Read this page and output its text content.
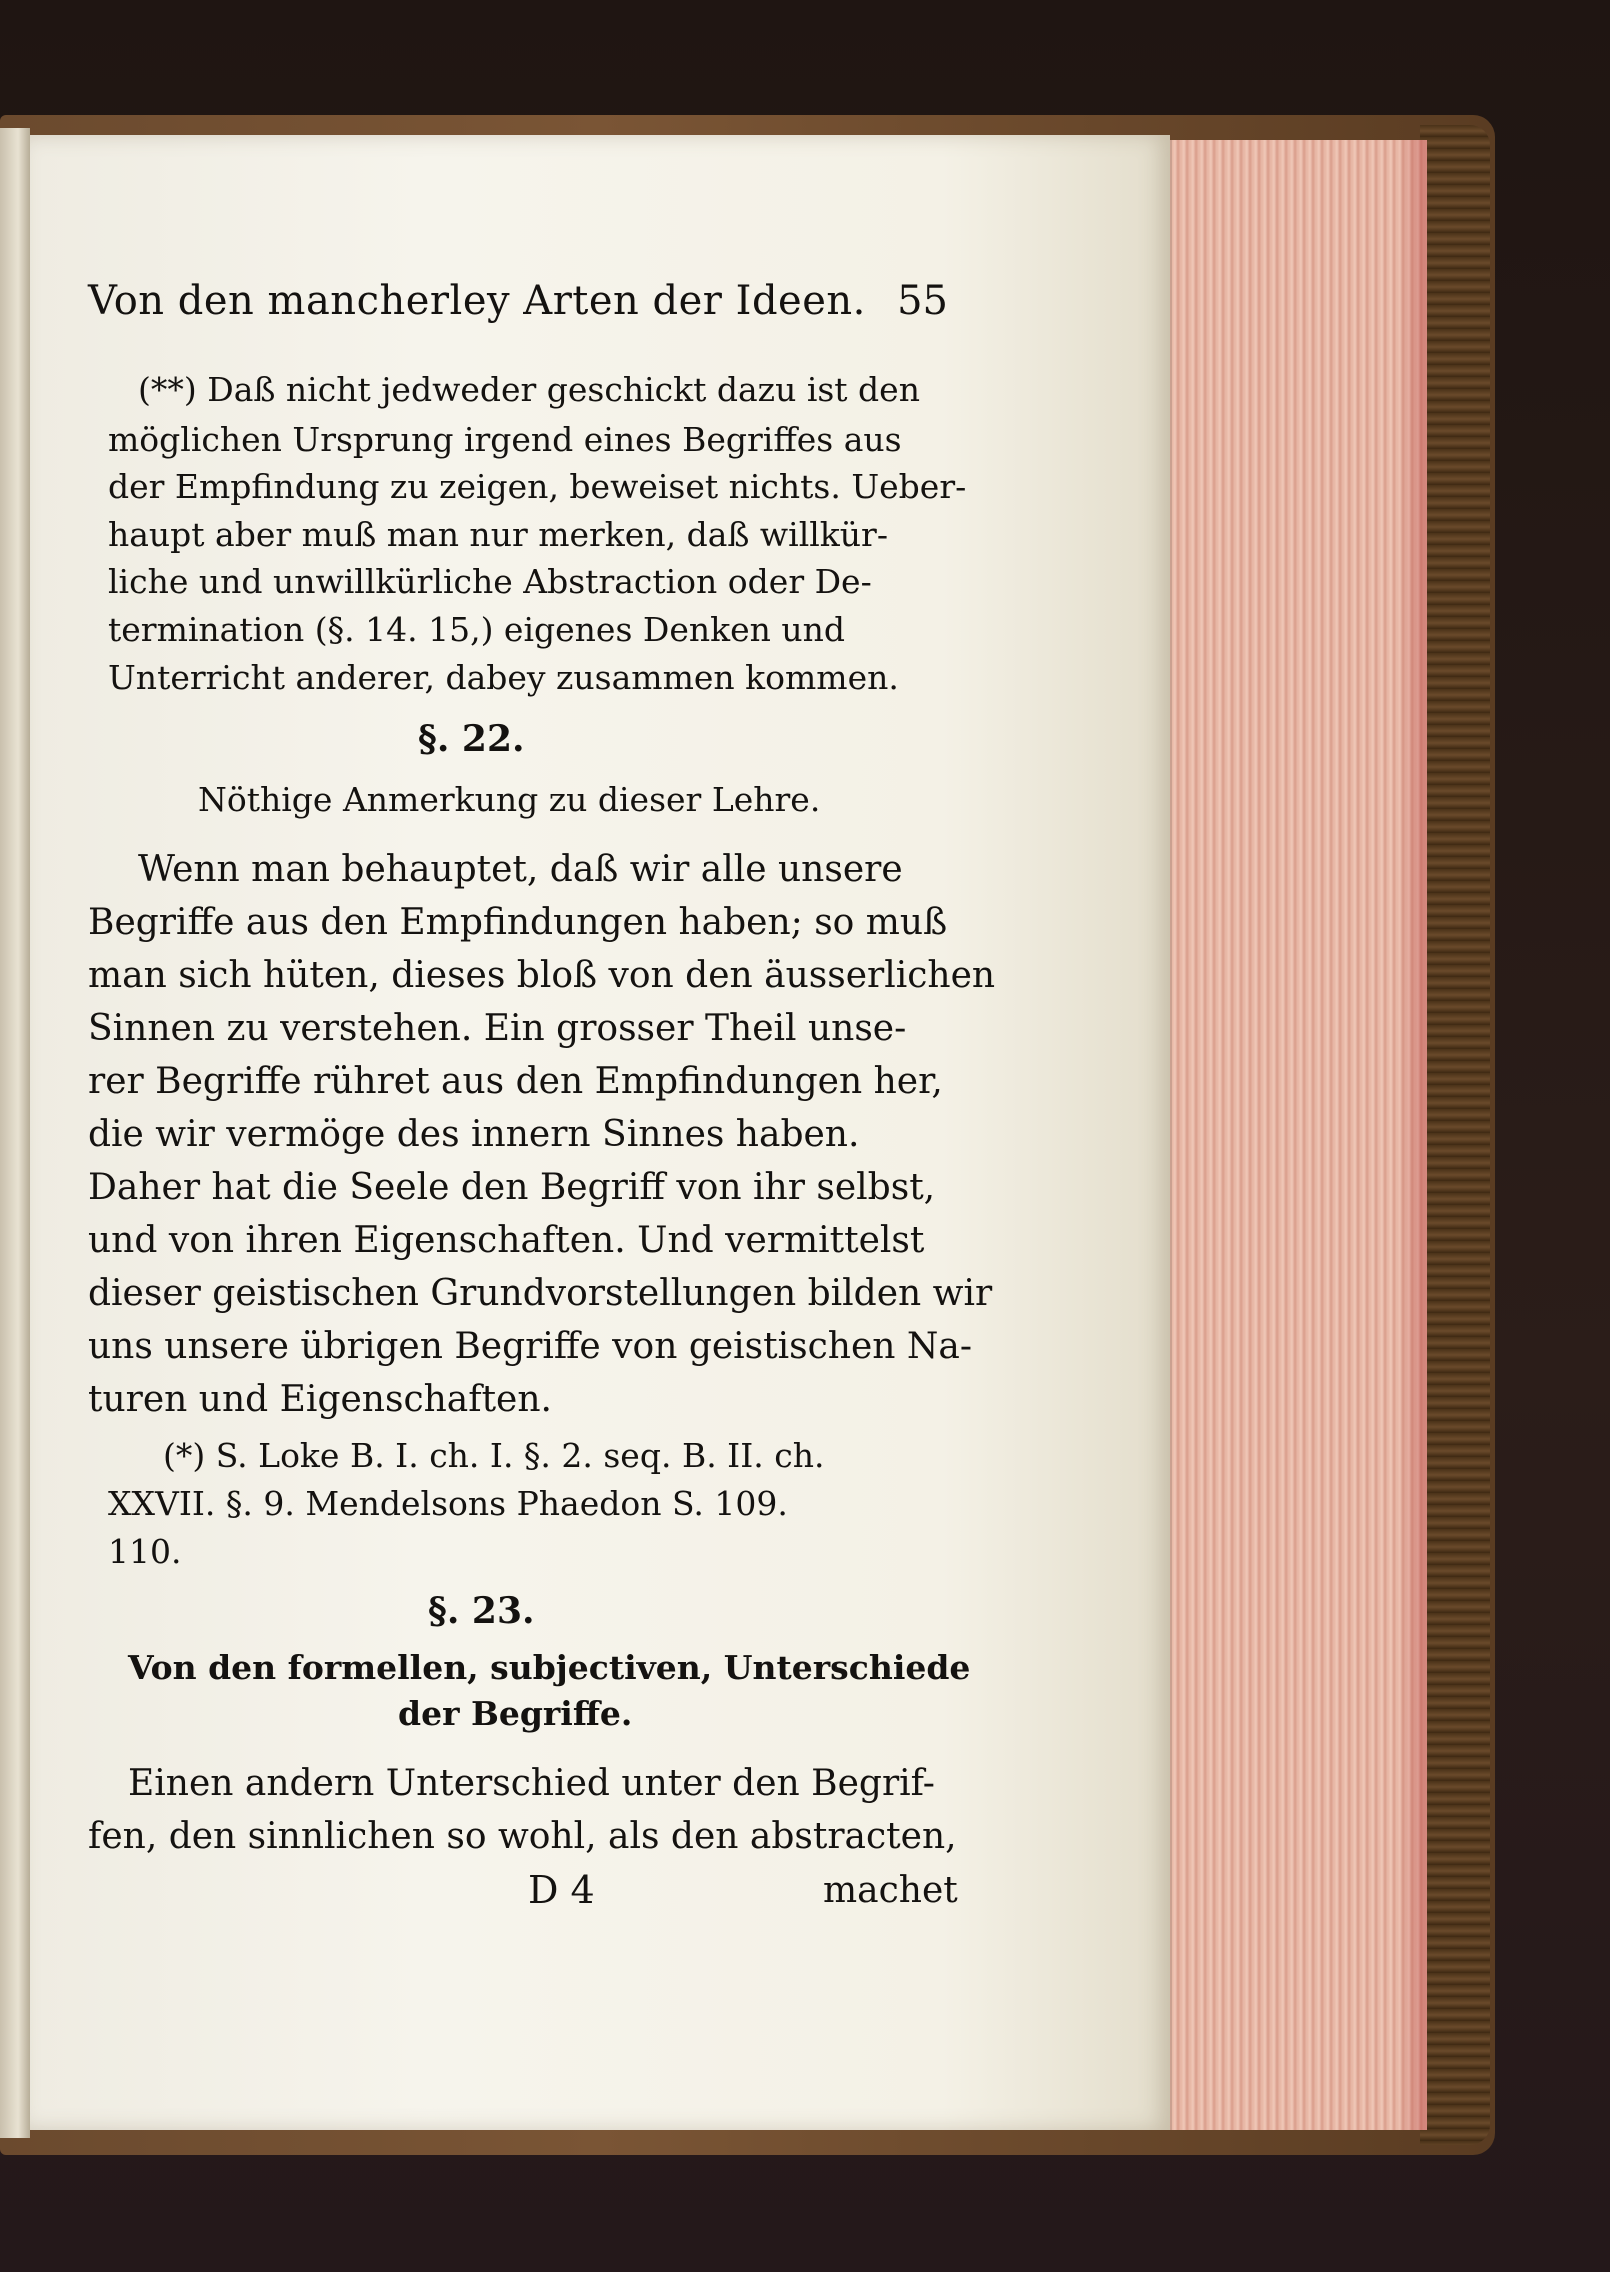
Von den mancherley Arten der Ideen. 55
(**) Daß nicht jedweder geschickt dazu ist den
möglichen Ursprung irgend eines Begriffes aus
der Empfindung zu zeigen, beweiset nichts. Ueber-
haupt aber muß man nur merken, daß willkür-
liche und unwillkürliche Abstraction oder De-
termination (§. 14. 15,) eigenes Denken und
Unterricht anderer, dabey zusammen kommen.
§. 22.
Nöthige Anmerkung zu dieser Lehre.
Wenn man behauptet, daß wir alle unsere
Begriffe aus den Empfindungen haben; so muß
man sich hüten, dieses bloß von den äusserlichen
Sinnen zu verstehen. Ein grosser Theil unse-
rer Begriffe rühret aus den Empfindungen her,
die wir vermöge des innern Sinnes haben.
Daher hat die Seele den Begriff von ihr selbst,
und von ihren Eigenschaften. Und vermittelst
dieser geistischen Grundvorstellungen bilden wir
uns unsere übrigen Begriffe von geistischen Na-
turen und Eigenschaften.
(*) S. Loke B. I. ch. I. §. 2. seq. B. II. ch.
XXVII. §. 9. Mendelsons Phaedon S. 109.
110.
§. 23.
Von den formellen, subjectiven, Unterschiede
der Begriffe.
Einen andern Unterschied unter den Begrif-
fen, den sinnlichen so wohl, als den abstracten,
D 4	machet
